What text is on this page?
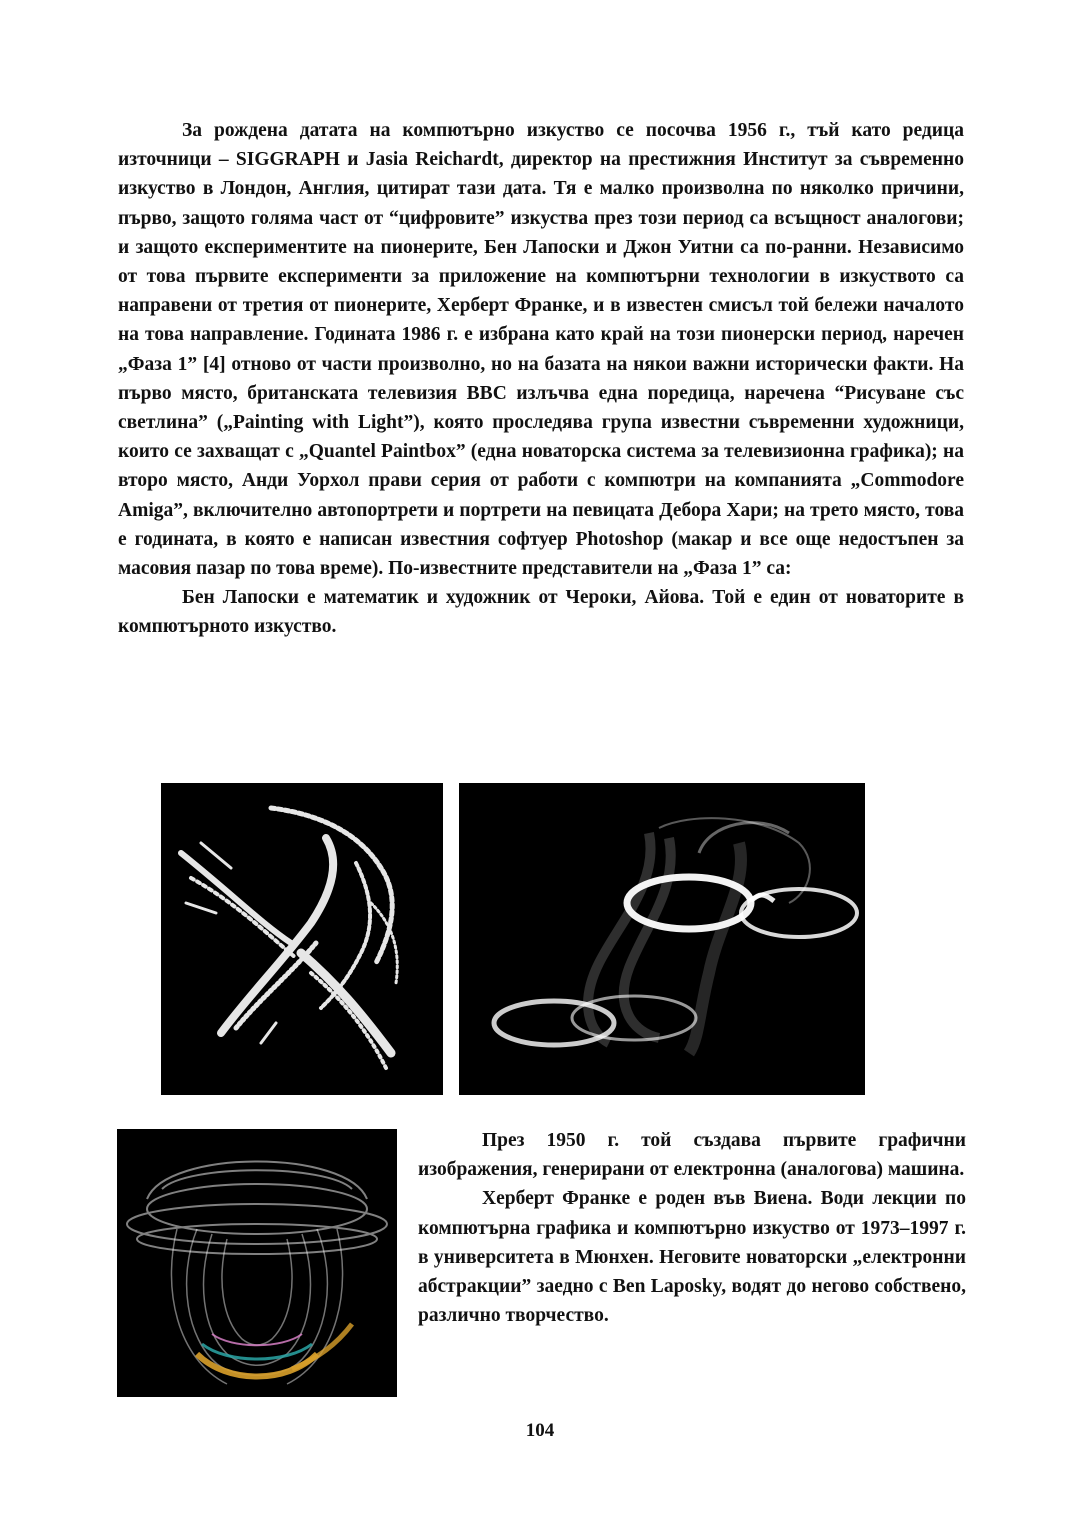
За рождена датата на компютърно изкуство се посочва 1956 г., тъй като редица източници – SIGGRAPH и Jasia Reichardt, директор на престижния Институт за съвременно изкуство в Лондон, Англия, цитират тази дата. Тя е малко произволна по няколко причини, първо, защото голяма част от “цифровите” изкуства през този период са всъщност аналогови; и защото експериментите на пионерите, Бен Лапоски и Джон Уитни са по-ранни. Независимо от това първите експерименти за приложение на компютърни технологии в изкуството са направени от третия от пионерите, Херберт Франке, и в известен смисъл той бележи началото на това направление. Годината 1986 г. е избрана като край на този пионерски период, наречен „Фаза 1” [4] отново от части произволно, но на базата на някои важни исторически факти. На първо място, британската телевизия BBC излъчва една поредица, наречена “Рисуване със светлина” („Painting with Light”), която проследява група известни съвременни художници, които се захващат с „Quantel Paintbox” (една новаторска система за телевизионна графика); на второ място, Анди Уорхол прави серия от работи с компютри на компанията „Commodore Amiga”, включително автопортрети и портрети на певицата Дебора Хари; на трето място, това е годината, в която е написан известния софтуер Photoshop (макар и все още недостъпен за масовия пазар по това време). По-известните представители на „Фаза 1” са:

Бен Лапоски е математик и художник от Чероки, Айова. Той е един от новаторите в компютърното изкуство.

През 1950 г. той създава първите графични изображения, генерирани от електронна (аналогова) машина.

Херберт Франке е роден във Виена. Води лекции по компютърна графика и компютърно изкуство от 1973–1997 г. в университета в Мюнхен. Неговите новаторски „електронни абстракции” заедно с Ben Laposky, водят до негово собствено, различно творчество.

104
